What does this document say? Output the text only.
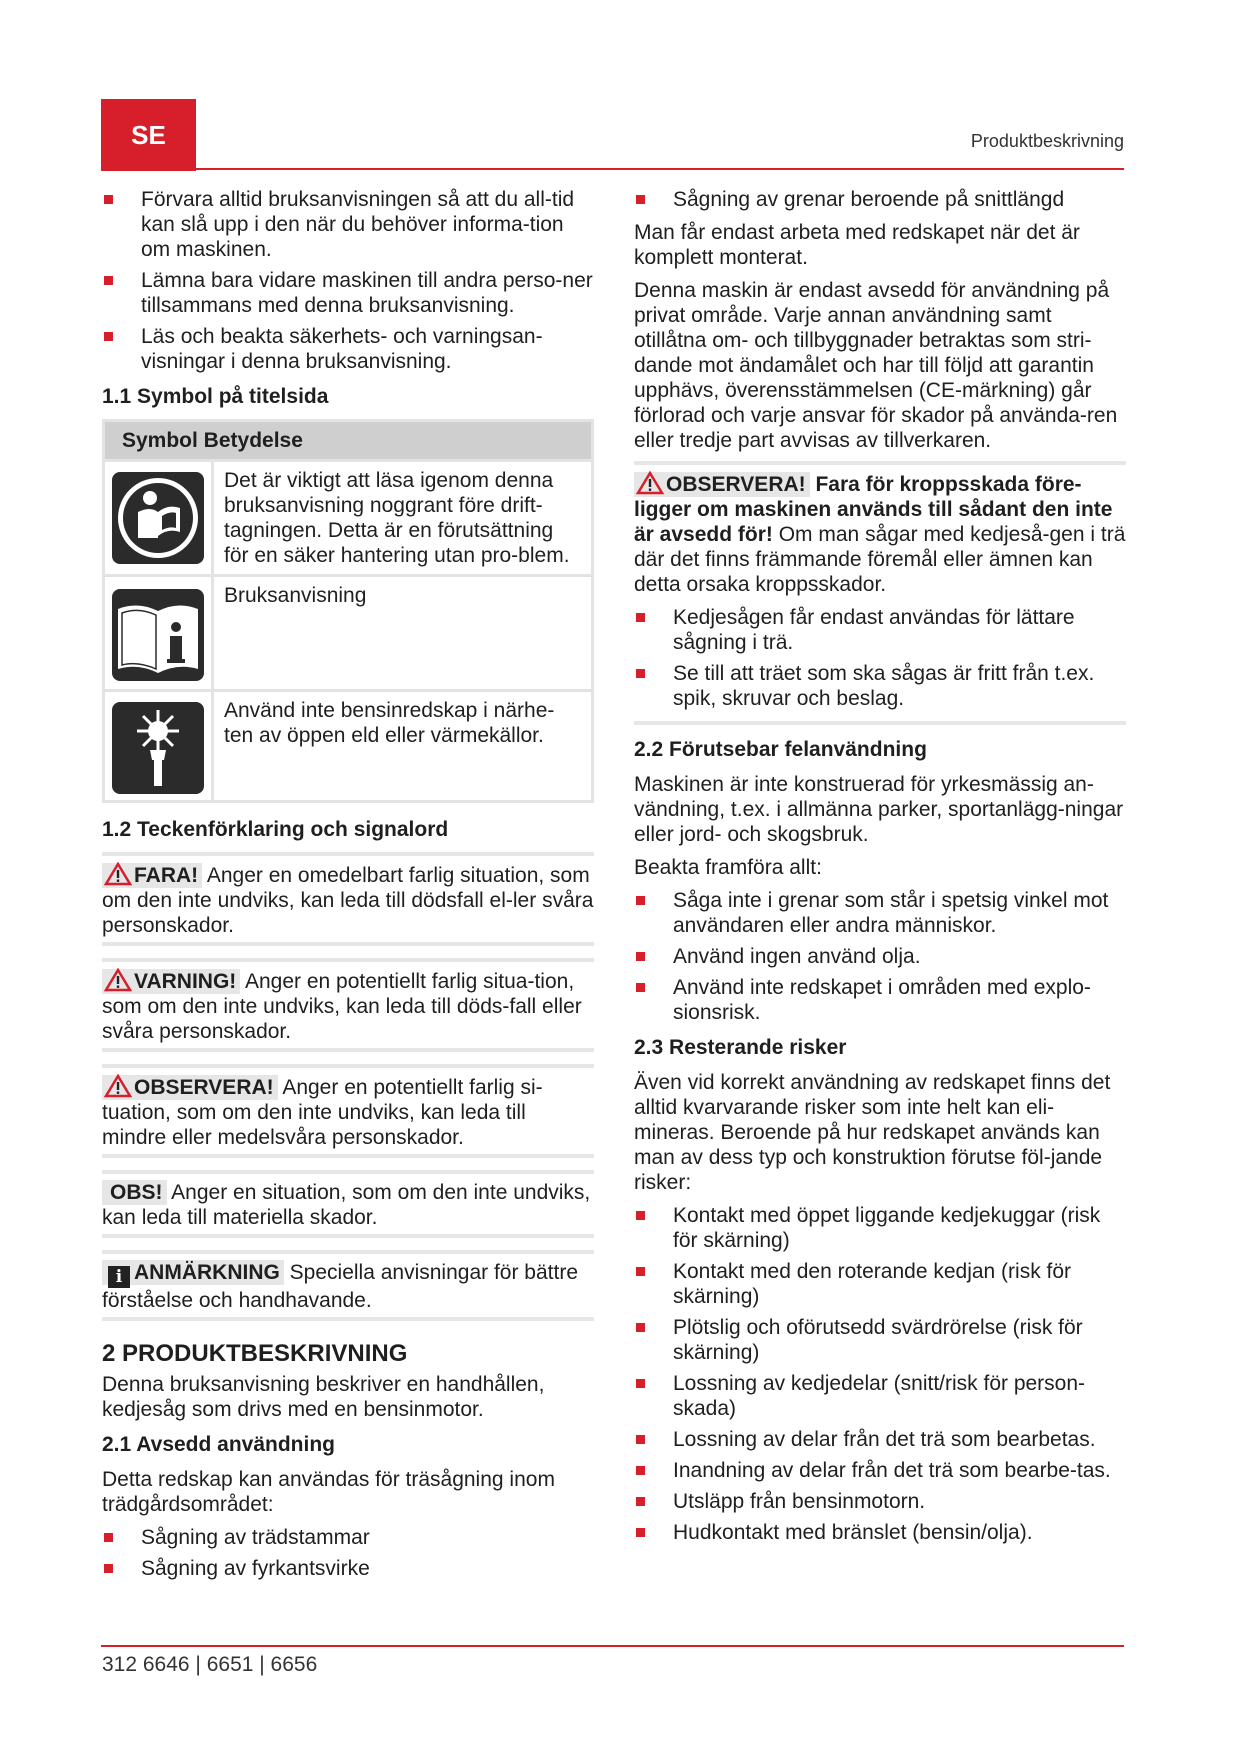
SE	Produktbeskrivning
Förvara alltid bruksanvisningen så att du all-tid kan slå upp i den när du behöver informa-tion om maskinen.
Lämna bara vidare maskinen till andra perso-ner tillsammans med denna bruksanvisning.
Läs och beakta säkerhets- och varningsan-visningar i denna bruksanvisning.
1.1 Symbol på titelsida
Symbol Betydelse
Det är viktigt att läsa igenom denna bruksanvisning noggrant före drift-tagningen. Detta är en förutsättning för en säker hantering utan pro-blem.
Bruksanvisning
Använd inte bensinredskap i närhe-ten av öppen eld eller värmekällor.
1.2 Teckenförklaring och signalord
FARA! Anger en omedelbart farlig situation, som om den inte undviks, kan leda till dödsfall el-ler svåra personskador.
VARNING! Anger en potentiellt farlig situa-tion, som om den inte undviks, kan leda till döds-fall eller svåra personskador.
OBSERVERA! Anger en potentiellt farlig si-tuation, som om den inte undviks, kan leda till mindre eller medelsvåra personskador.
OBS! Anger en situation, som om den inte undviks, kan leda till materiella skador.
i ANMÄRKNING Speciella anvisningar för bättre förståelse och handhavande.
2 PRODUKTBESKRIVNING

Denna bruksanvisning beskriver en handhållen, kedjesåg som drivs med en bensinmotor.

2.1 Avsedd användning

Detta redskap kan användas för träsågning inom trädgårdsområdet:

Sågning av trädstammar
Sågning av fyrkantsvirke
Sågning av grenar beroende på snittlängd

Man får endast arbeta med redskapet när det är komplett monterat.

Denna maskin är endast avsedd för användning på privat område. Varje annan användning samt otillåtna om- och tillbyggnader betraktas som stri-dande mot ändamålet och har till följd att garantin upphävs, överensstämmelsen (CE-märkning) går förlorad och varje ansvar för skador på använda-ren eller tredje part avvisas av tillverkaren.

OBSERVERA! Fara för kroppsskada före-ligger om maskinen används till sådant den inte är avsedd för! Om man sågar med kedjeså-gen i trä där det finns främmande föremål eller ämnen kan detta orsaka kroppsskador.
Kedjesågen får endast användas för lättare sågning i trä.
Se till att träet som ska sågas är fritt från t.ex. spik, skruvar och beslag.
2.2 Förutsebar felanvändning

Maskinen är inte konstruerad för yrkesmässig an-vändning, t.ex. i allmänna parker, sportanlägg-ningar eller jord- och skogsbruk.

Beakta framföra allt:

Såga inte i grenar som står i spetsig vinkel mot användaren eller andra människor.
Använd ingen använd olja.
Använd inte redskapet i områden med explo-sionsrisk.
2.3 Resterande risker

Även vid korrekt användning av redskapet finns det alltid kvarvarande risker som inte helt kan eli-mineras. Beroende på hur redskapet används kan man av dess typ och konstruktion förutse föl-jande risker:

Kontakt med öppet liggande kedjekuggar (risk för skärning)
Kontakt med den roterande kedjan (risk för skärning)
Plötslig och oförutsedd svärdrörelse (risk för skärning)
Lossning av kedjedelar (snitt/risk för person-skada)
Lossning av delar från det trä som bearbetas.
Inandning av delar från det trä som bearbe-tas.
Utsläpp från bensinmotorn.
Hudkontakt med bränslet (bensin/olja).
312 6646 | 6651 | 6656
